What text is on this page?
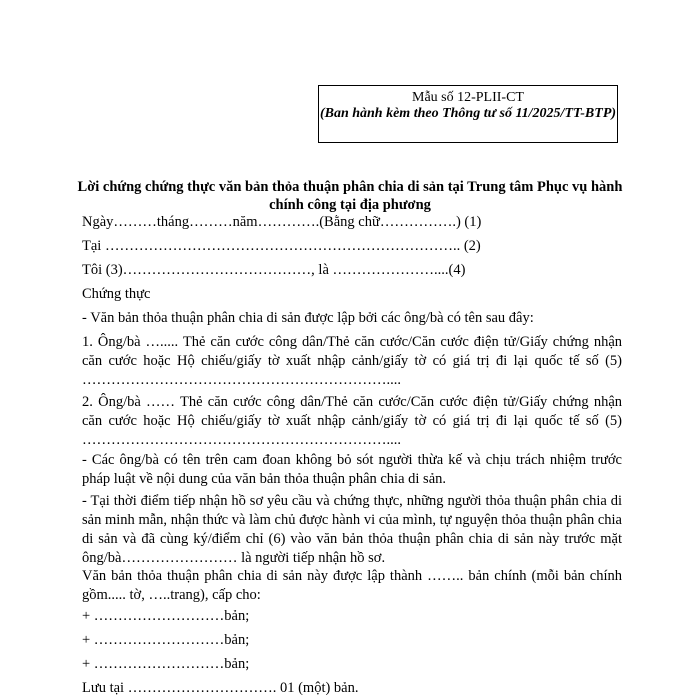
Mẫu số 12-PLII-CT
(Ban hành kèm theo Thông tư số 11/2025/TT-BTP)
Lời chứng chứng thực văn bản thỏa thuận phân chia di sản tại Trung tâm Phục vụ hành chính công tại địa phương
Ngày………tháng………năm………….(Bằng chữ…………….) (1)
Tại ……………………………………………………………….. (2)
Tôi (3)…………………………………, là …………………....(4)
Chứng thực
- Văn bản thỏa thuận phân chia di sản được lập bởi các ông/bà có tên sau đây:
1. Ông/bà …..... Thẻ căn cước công dân/Thẻ căn cước/Căn cước điện tử/Giấy chứng nhận căn cước hoặc Hộ chiếu/giấy tờ xuất nhập cảnh/giấy tờ có giá trị đi lại quốc tế số (5) ………………………………………………………....
2. Ông/bà …… Thẻ căn cước công dân/Thẻ căn cước/Căn cước điện tử/Giấy chứng nhận căn cước hoặc Hộ chiếu/giấy tờ xuất nhập cảnh/giấy tờ có giá trị đi lại quốc tế số (5) ………………………………………………………....
- Các ông/bà có tên trên cam đoan không bỏ sót người thừa kế và chịu trách nhiệm trước pháp luật về nội dung của văn bản thỏa thuận phân chia di sản.
- Tại thời điểm tiếp nhận hồ sơ yêu cầu và chứng thực, những người thỏa thuận phân chia di sản minh mẫn, nhận thức và làm chủ được hành vi của mình, tự nguyện thỏa thuận phân chia di sản và đã cùng ký/điểm chỉ (6) vào văn bản thỏa thuận phân chia di sản này trước mặt ông/bà…………………… là người tiếp nhận hồ sơ.
Văn bản thỏa thuận phân chia di sản này được lập thành …….. bản chính (mỗi bản chính gồm..... tờ, …..trang), cấp cho:
+ ………………………bản;
+ ………………………bản;
+ ………………………bản;
Lưu tại …………………………. 01 (một) bản.
